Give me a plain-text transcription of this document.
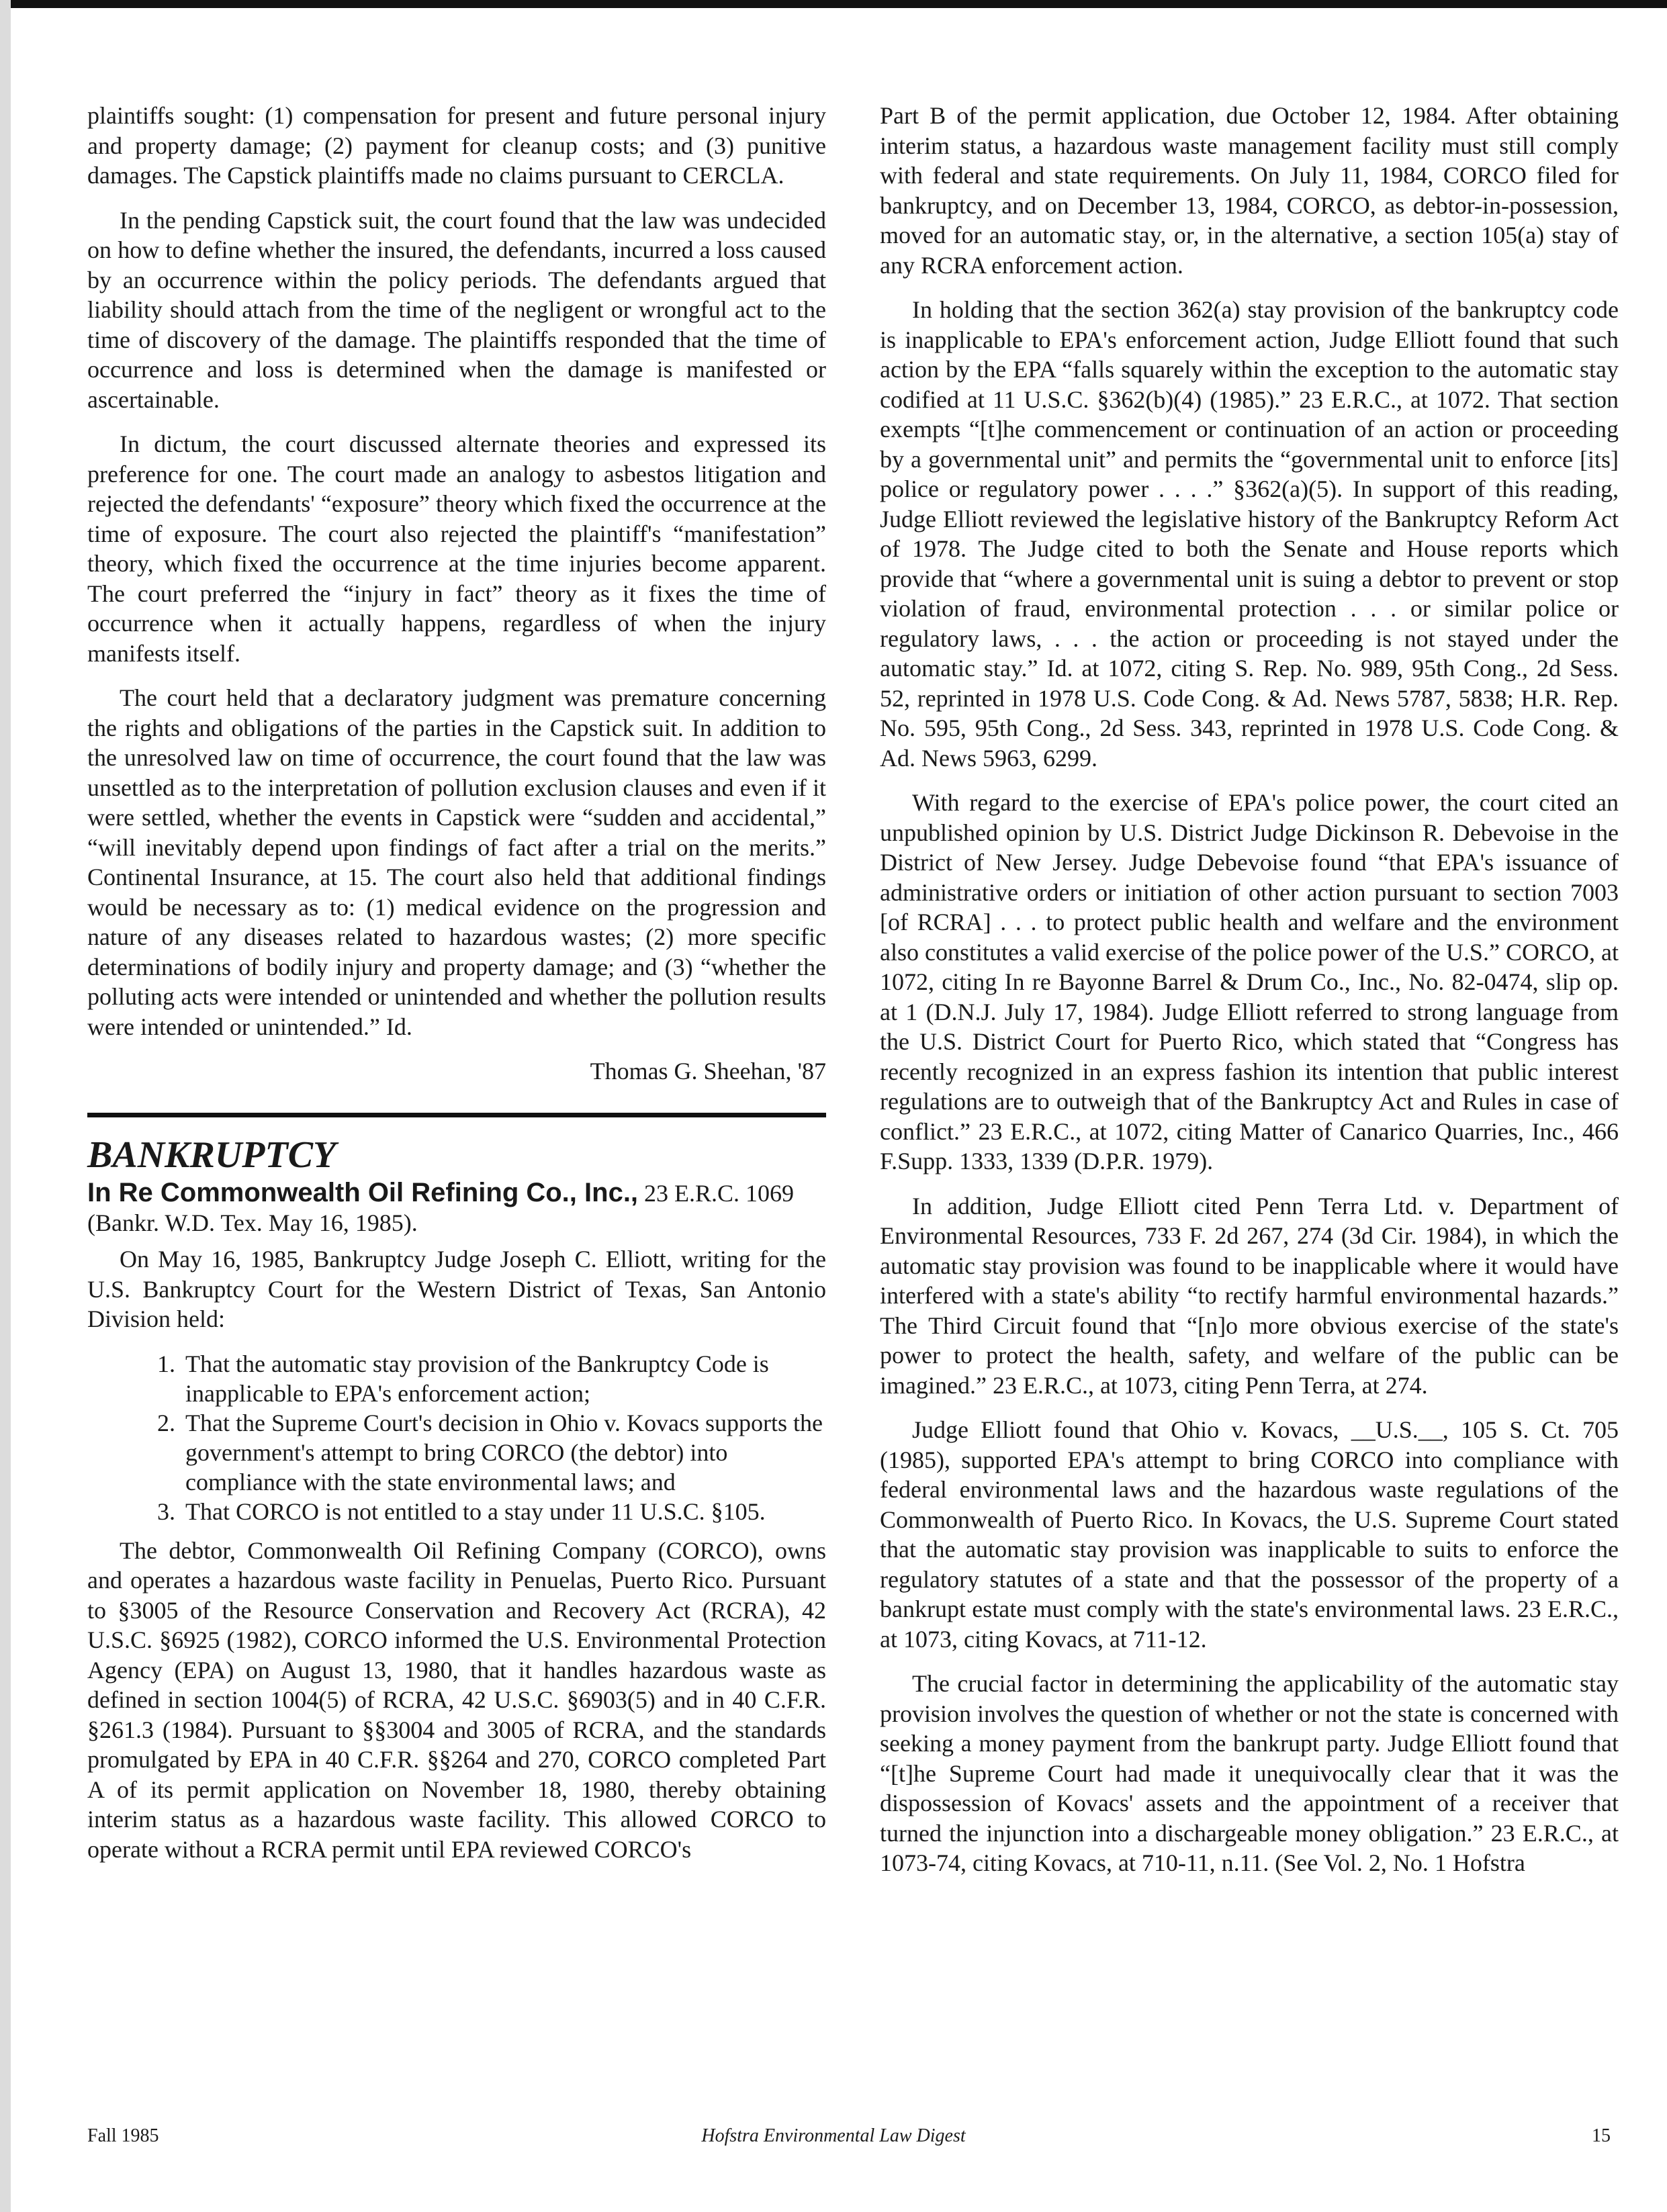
plaintiffs sought: (1) compensation for present and future personal injury and property damage; (2) payment for cleanup costs; and (3) punitive damages. The Capstick plaintiffs made no claims pursuant to CERCLA.

In the pending Capstick suit, the court found that the law was undecided on how to define whether the insured, the defendants, incurred a loss caused by an occurrence within the policy periods. The defendants argued that liability should attach from the time of the negligent or wrongful act to the time of discovery of the damage. The plaintiffs responded that the time of occurrence and loss is determined when the damage is manifested or ascertainable.

In dictum, the court discussed alternate theories and expressed its preference for one. The court made an analogy to asbestos litigation and rejected the defendants' “exposure” theory which fixed the occurrence at the time of exposure. The court also rejected the plaintiff's “manifestation” theory, which fixed the occurrence at the time injuries become apparent. The court preferred the “injury in fact” theory as it fixes the time of occurrence when it actually happens, regardless of when the injury manifests itself.

The court held that a declaratory judgment was premature concerning the rights and obligations of the parties in the Capstick suit. In addition to the unresolved law on time of occurrence, the court found that the law was unsettled as to the interpretation of pollution exclusion clauses and even if it were settled, whether the events in Capstick were “sudden and accidental,” “will inevitably depend upon findings of fact after a trial on the merits.” Continental Insurance, at 15. The court also held that additional findings would be necessary as to: (1) medical evidence on the progression and nature of any diseases related to hazardous wastes; (2) more specific determinations of bodily injury and property damage; and (3) “whether the polluting acts were intended or unintended and whether the pollution results were intended or unintended.” Id.

Thomas G. Sheehan, '87
BANKRUPTCY
In Re Commonwealth Oil Refining Co., Inc., 23 E.R.C. 1069 (Bankr. W.D. Tex. May 16, 1985).

On May 16, 1985, Bankruptcy Judge Joseph C. Elliott, writing for the U.S. Bankruptcy Court for the Western District of Texas, San Antonio Division held:

1. That the automatic stay provision of the Bankruptcy Code is inapplicable to EPA's enforcement action;
2. That the Supreme Court's decision in Ohio v. Kovacs supports the government's attempt to bring CORCO (the debtor) into compliance with the state environmental laws; and
3. That CORCO is not entitled to a stay under 11 U.S.C. §105.

The debtor, Commonwealth Oil Refining Company (CORCO), owns and operates a hazardous waste facility in Penuelas, Puerto Rico. Pursuant to §3005 of the Resource Conservation and Recovery Act (RCRA), 42 U.S.C. §6925 (1982), CORCO informed the U.S. Environmental Protection Agency (EPA) on August 13, 1980, that it handles hazardous waste as defined in section 1004(5) of RCRA, 42 U.S.C. §6903(5) and in 40 C.F.R. §261.3 (1984). Pursuant to §§3004 and 3005 of RCRA, and the standards promulgated by EPA in 40 C.F.R. §§264 and 270, CORCO completed Part A of its permit application on November 18, 1980, thereby obtaining interim status as a hazardous waste facility. This allowed CORCO to operate without a RCRA permit until EPA reviewed CORCO's

Part B of the permit application, due October 12, 1984. After obtaining interim status, a hazardous waste management facility must still comply with federal and state requirements. On July 11, 1984, CORCO filed for bankruptcy, and on December 13, 1984, CORCO, as debtor-in-possession, moved for an automatic stay, or, in the alternative, a section 105(a) stay of any RCRA enforcement action.

In holding that the section 362(a) stay provision of the bankruptcy code is inapplicable to EPA's enforcement action, Judge Elliott found that such action by the EPA “falls squarely within the exception to the automatic stay codified at 11 U.S.C. §362(b)(4) (1985).” 23 E.R.C., at 1072. That section exempts “[t]he commencement or continuation of an action or proceeding by a governmental unit” and permits the “governmental unit to enforce [its] police or regulatory power . . . .” §362(a)(5). In support of this reading, Judge Elliott reviewed the legislative history of the Bankruptcy Reform Act of 1978. The Judge cited to both the Senate and House reports which provide that “where a governmental unit is suing a debtor to prevent or stop violation of fraud, environmental protection . . . or similar police or regulatory laws, . . . the action or proceeding is not stayed under the automatic stay.” Id. at 1072, citing S. Rep. No. 989, 95th Cong., 2d Sess. 52, reprinted in 1978 U.S. Code Cong. & Ad. News 5787, 5838; H.R. Rep. No. 595, 95th Cong., 2d Sess. 343, reprinted in 1978 U.S. Code Cong. & Ad. News 5963, 6299.

With regard to the exercise of EPA's police power, the court cited an unpublished opinion by U.S. District Judge Dickinson R. Debevoise in the District of New Jersey. Judge Debevoise found “that EPA's issuance of administrative orders or initiation of other action pursuant to section 7003 [of RCRA] . . . to protect public health and welfare and the environment also constitutes a valid exercise of the police power of the U.S.” CORCO, at 1072, citing In re Bayonne Barrel & Drum Co., Inc., No. 82-0474, slip op. at 1 (D.N.J. July 17, 1984). Judge Elliott referred to strong language from the U.S. District Court for Puerto Rico, which stated that “Congress has recently recognized in an express fashion its intention that public interest regulations are to outweigh that of the Bankruptcy Act and Rules in case of conflict.” 23 E.R.C., at 1072, citing Matter of Canarico Quarries, Inc., 466 F.Supp. 1333, 1339 (D.P.R. 1979).

In addition, Judge Elliott cited Penn Terra Ltd. v. Department of Environmental Resources, 733 F. 2d 267, 274 (3d Cir. 1984), in which the automatic stay provision was found to be inapplicable where it would have interfered with a state's ability “to rectify harmful environmental hazards.” The Third Circuit found that “[n]o more obvious exercise of the state's power to protect the health, safety, and welfare of the public can be imagined.” 23 E.R.C., at 1073, citing Penn Terra, at 274.

Judge Elliott found that Ohio v. Kovacs, __U.S.__, 105 S. Ct. 705 (1985), supported EPA's attempt to bring CORCO into compliance with federal environmental laws and the hazardous waste regulations of the Commonwealth of Puerto Rico. In Kovacs, the U.S. Supreme Court stated that the automatic stay provision was inapplicable to suits to enforce the regulatory statutes of a state and that the possessor of the property of a bankrupt estate must comply with the state's environmental laws. 23 E.R.C., at 1073, citing Kovacs, at 711-12.

The crucial factor in determining the applicability of the automatic stay provision involves the question of whether or not the state is concerned with seeking a money payment from the bankrupt party. Judge Elliott found that “[t]he Supreme Court had made it unequivocally clear that it was the dispossession of Kovacs' assets and the appointment of a receiver that turned the injunction into a dischargeable money obligation.” 23 E.R.C., at 1073-74, citing Kovacs, at 710-11, n.11. (See Vol. 2, No. 1 Hofstra

Fall 1985	Hofstra Environmental Law Digest	15
